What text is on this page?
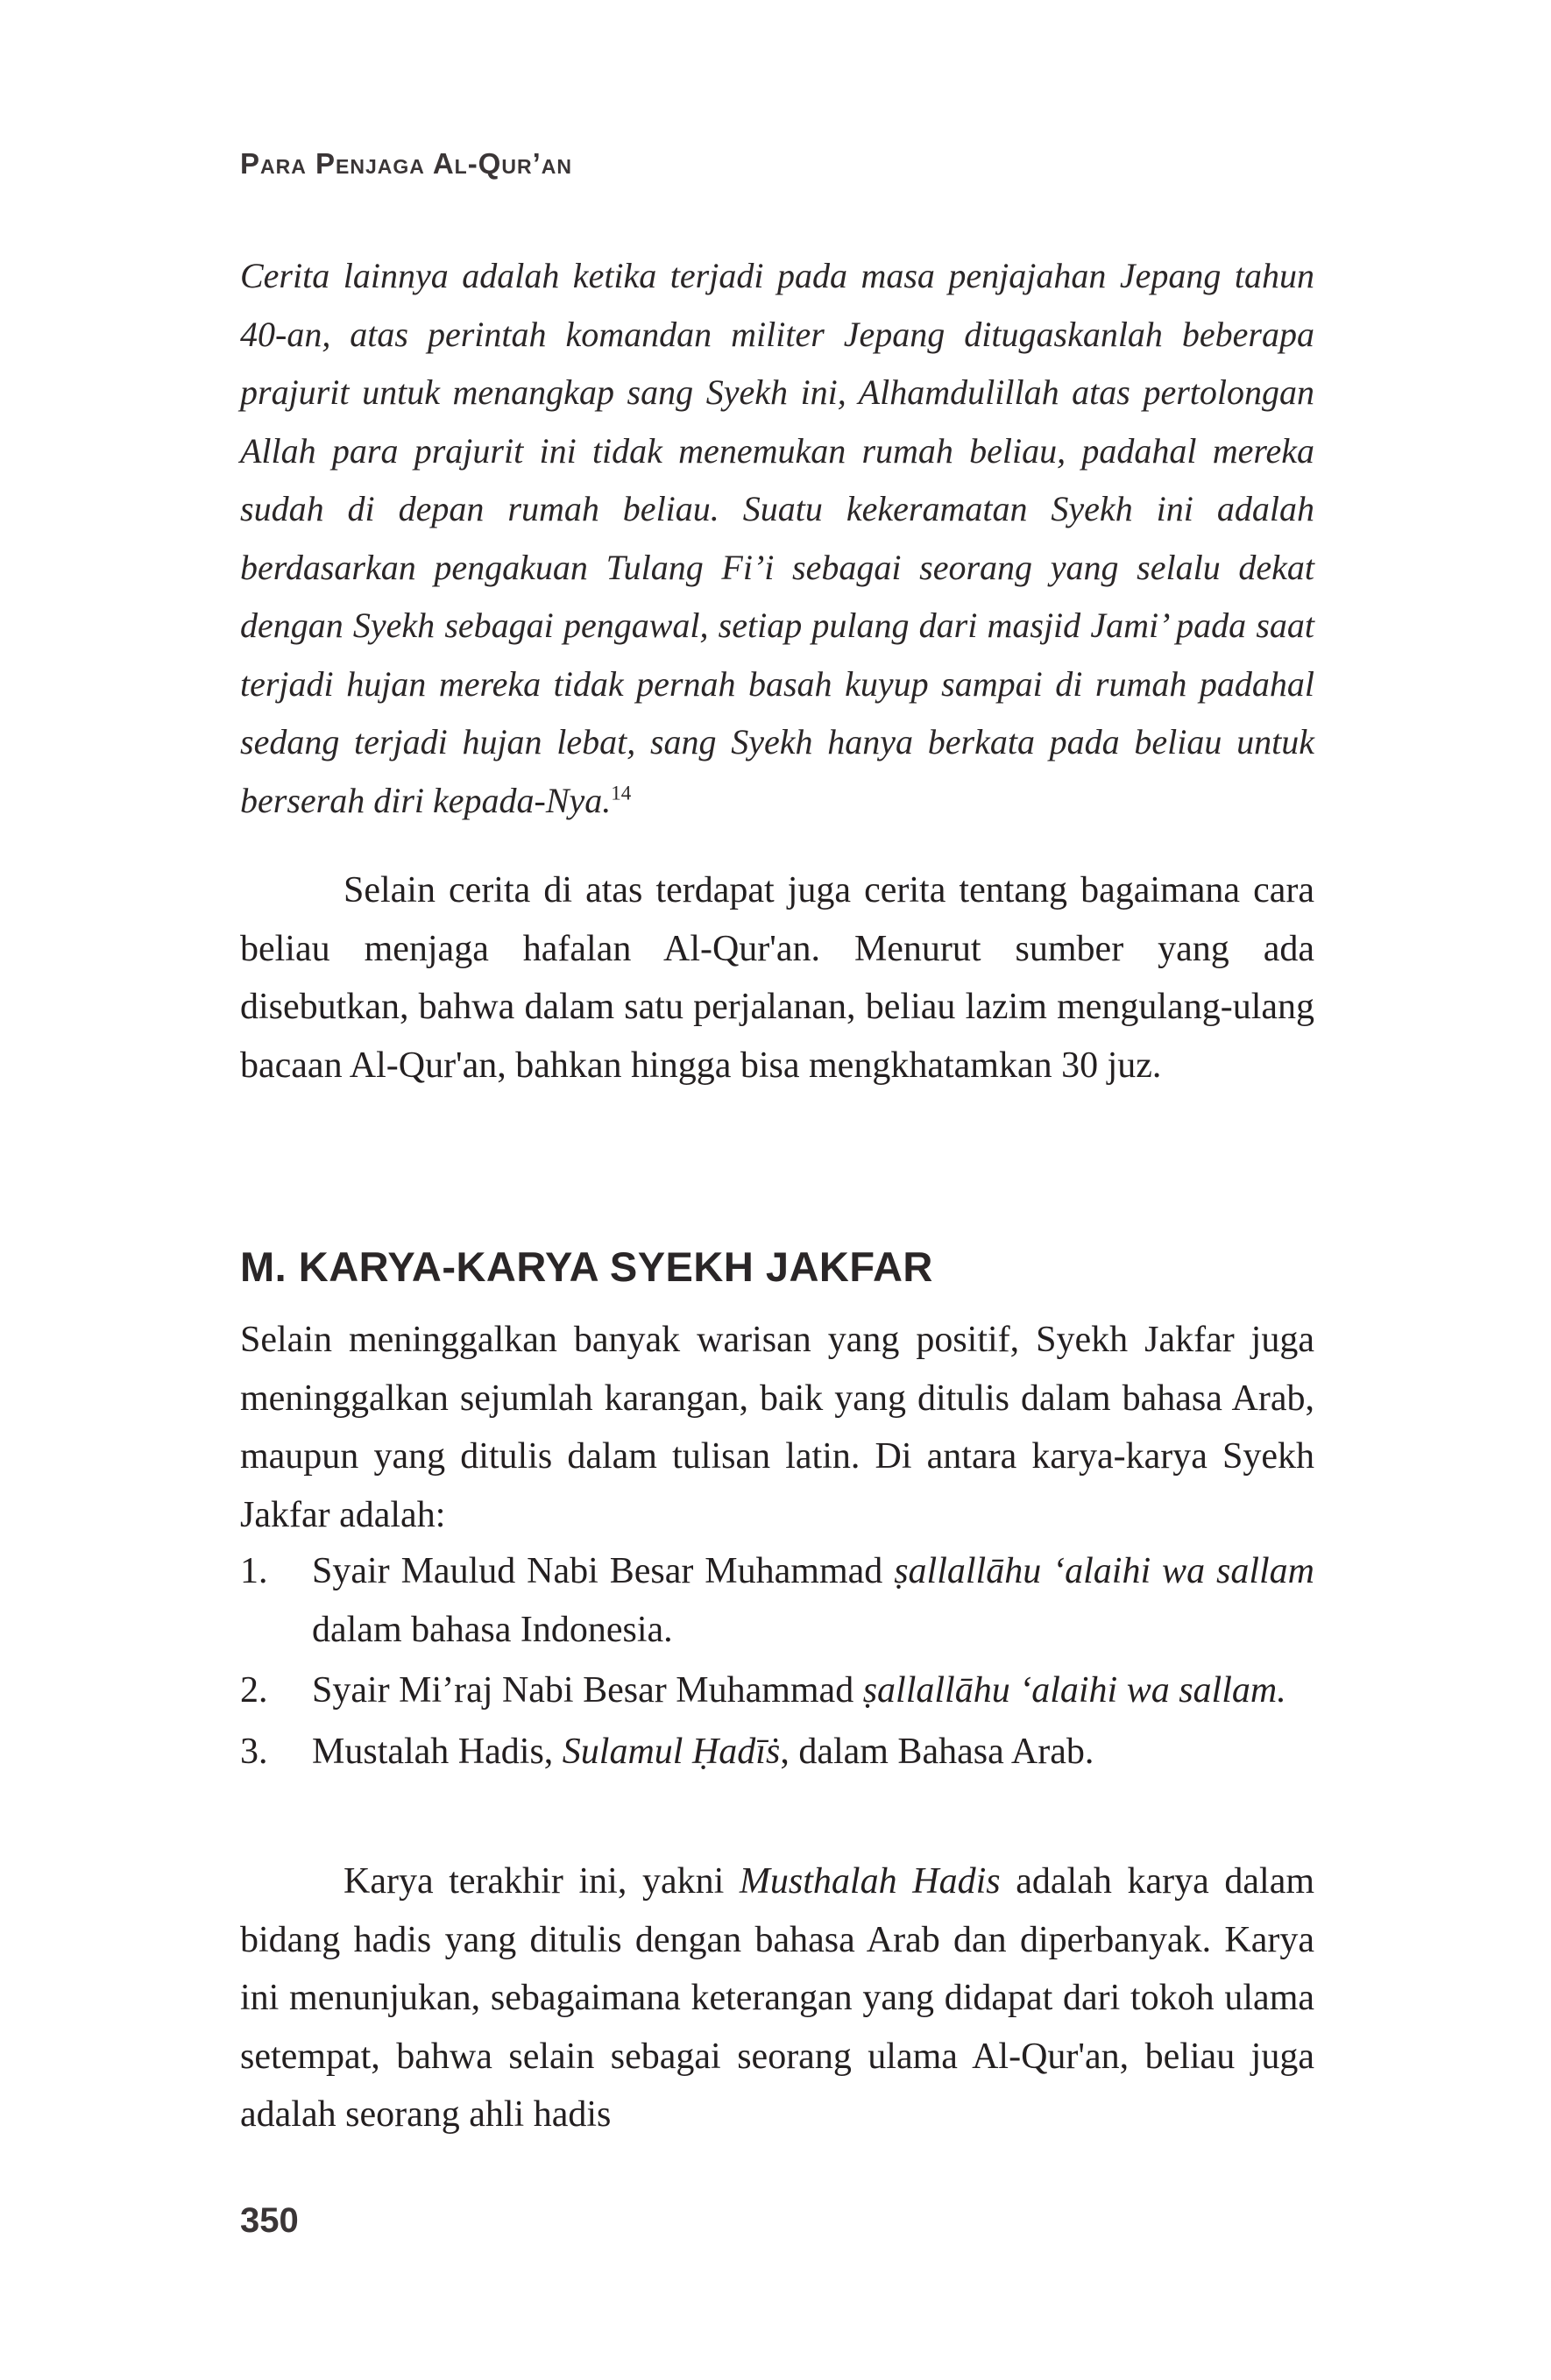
Para Penjaga Al-Qur’an
Cerita lainnya adalah ketika terjadi pada masa penjajahan Jepang tahun 40-an, atas perintah komandan militer Jepang ditugaskanlah beberapa prajurit untuk menangkap sang Syekh ini, Alhamdulillah atas pertolongan Allah para prajurit ini tidak menemukan rumah beliau, padahal mereka sudah di depan rumah beliau. Suatu kekeramatan Syekh ini adalah berdasarkan pengakuan Tulang Fi’i sebagai seorang yang selalu dekat dengan Syekh sebagai pengawal, setiap pulang dari masjid Jami’ pada saat terjadi hujan mereka tidak pernah basah kuyup sampai di rumah padahal sedang terjadi hujan lebat, sang Syekh hanya berkata pada beliau untuk berserah diri kepada-Nya.$^{14}$
Selain cerita di atas terdapat juga cerita tentang bagaimana cara beliau menjaga hafalan Al-Qur'an. Menurut sumber yang ada disebutkan, bahwa dalam satu perjalanan, beliau lazim mengulang-ulang bacaan Al-Qur'an, bahkan hingga bisa mengkhatamkan 30 juz.
M. KARYA-KARYA SYEKH JAKFAR
Selain meninggalkan banyak warisan yang positif, Syekh Jakfar juga meninggalkan sejumlah karangan, baik yang ditulis dalam bahasa Arab, maupun yang ditulis dalam tulisan latin. Di antara karya-karya Syekh Jakfar adalah:
1. Syair Maulud Nabi Besar Muhammad ṣallallāhu ‘alaihi wa sallam dalam bahasa Indonesia.
2. Syair Mi’raj Nabi Besar Muhammad ṣallallāhu ‘alaihi wa sallam.
3. Mustalah Hadis, Sulamul Ḥadīṡ, dalam Bahasa Arab.
Karya terakhir ini, yakni Musthalah Hadis adalah karya dalam bidang hadis yang ditulis dengan bahasa Arab dan diperbanyak. Karya ini menunjukan, sebagaimana keterangan yang didapat dari tokoh ulama setempat, bahwa selain sebagai seorang ulama Al-Qur'an, beliau juga adalah seorang ahli hadis
350
